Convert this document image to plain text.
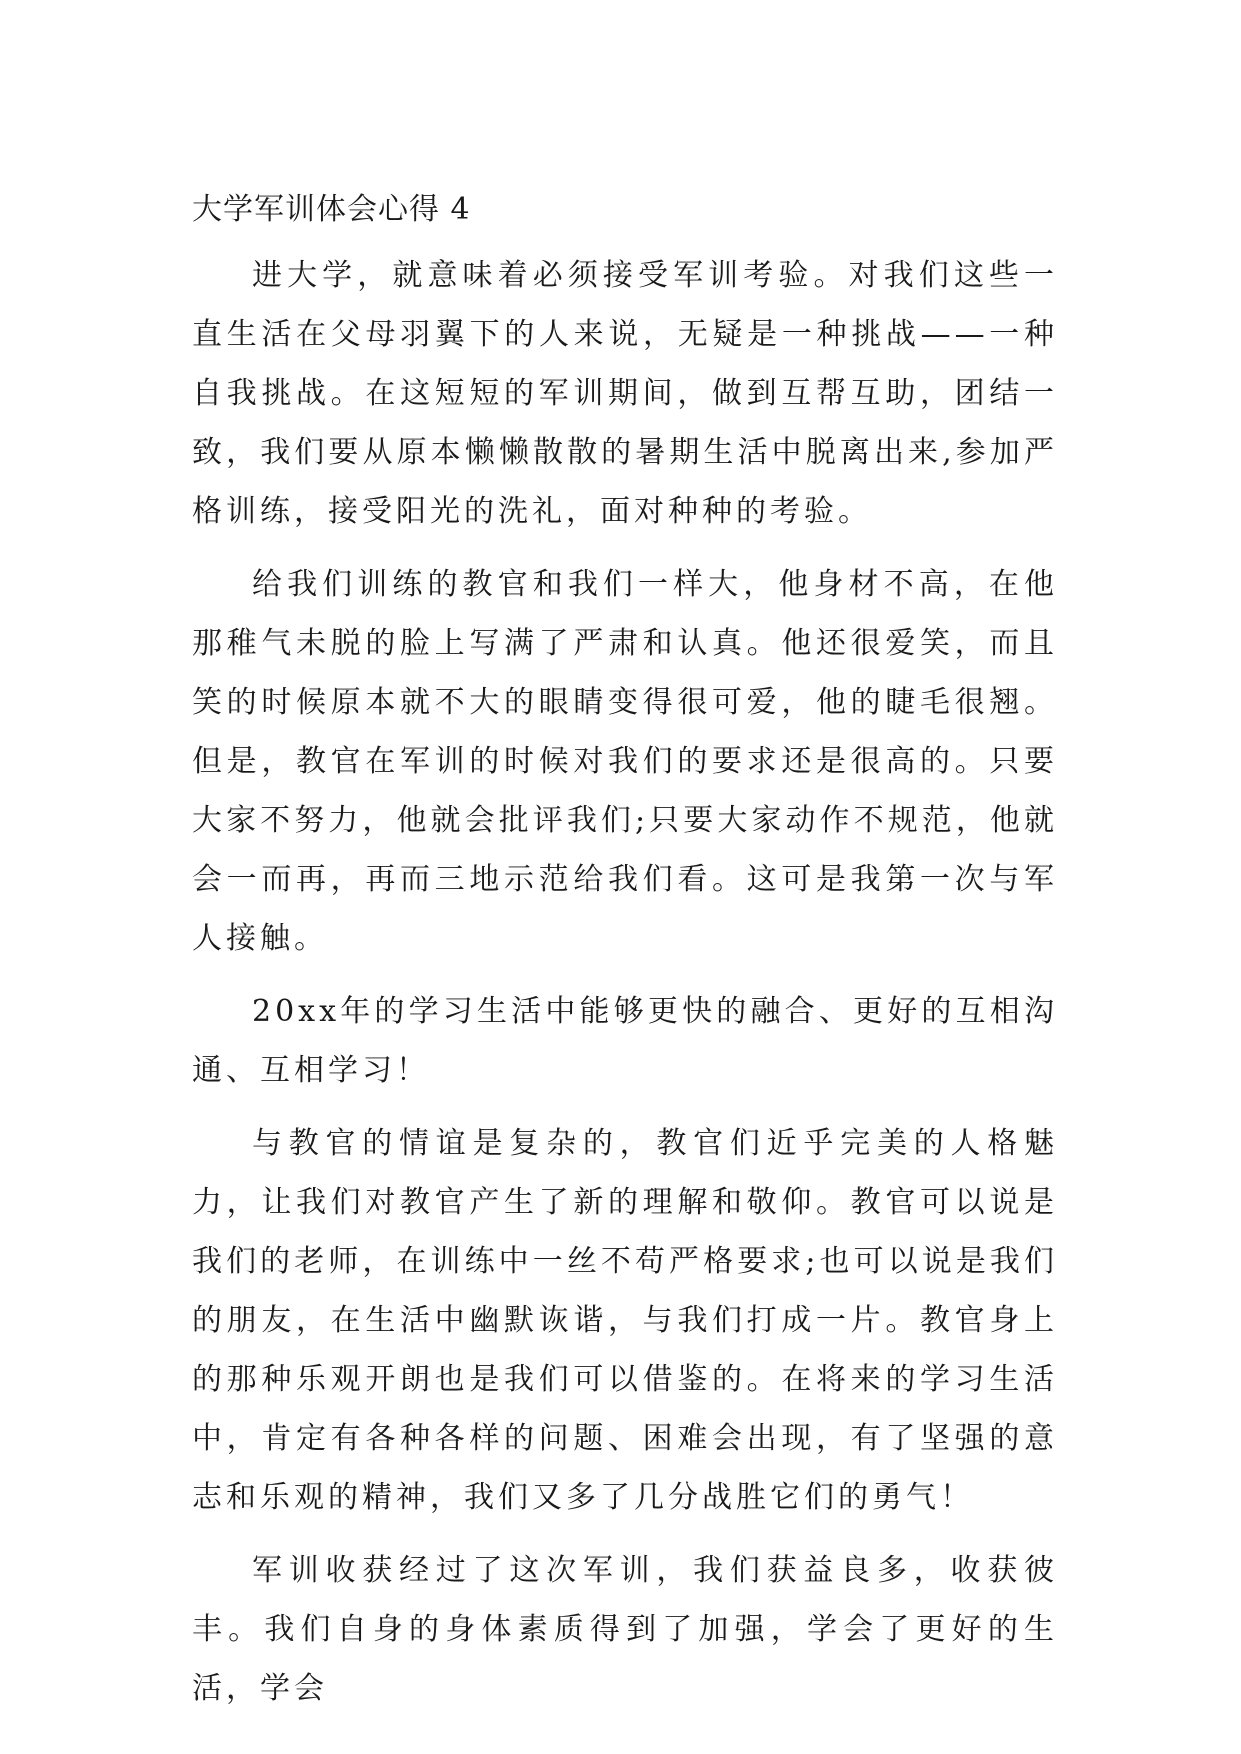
大学军训体会心得 4

进大学，就意味着必须接受军训考验。对我们这些一直生活在父母羽翼下的人来说，无疑是一种挑战——一种自我挑战。在这短短的军训期间，做到互帮互助，团结一致，我们要从原本懒懒散散的暑期生活中脱离出来,参加严格训练，接受阳光的洗礼，面对种种的考验。

给我们训练的教官和我们一样大，他身材不高，在他那稚气未脱的脸上写满了严肃和认真。他还很爱笑，而且笑的时候原本就不大的眼睛变得很可爱，他的睫毛很翘。但是，教官在军训的时候对我们的要求还是很高的。只要大家不努力，他就会批评我们;只要大家动作不规范，他就会一而再，再而三地示范给我们看。这可是我第一次与军人接触。

20xx年的学习生活中能够更快的融合、更好的互相沟通、互相学习！

与教官的情谊是复杂的，教官们近乎完美的人格魅力，让我们对教官产生了新的理解和敬仰。教官可以说是我们的老师，在训练中一丝不苟严格要求;也可以说是我们的朋友，在生活中幽默诙谐，与我们打成一片。教官身上的那种乐观开朗也是我们可以借鉴的。在将来的学习生活中，肯定有各种各样的问题、困难会出现，有了坚强的意志和乐观的精神，我们又多了几分战胜它们的勇气！

军训收获经过了这次军训，我们获益良多，收获彼丰。我们自身的身体素质得到了加强，学会了更好的生活，学会
